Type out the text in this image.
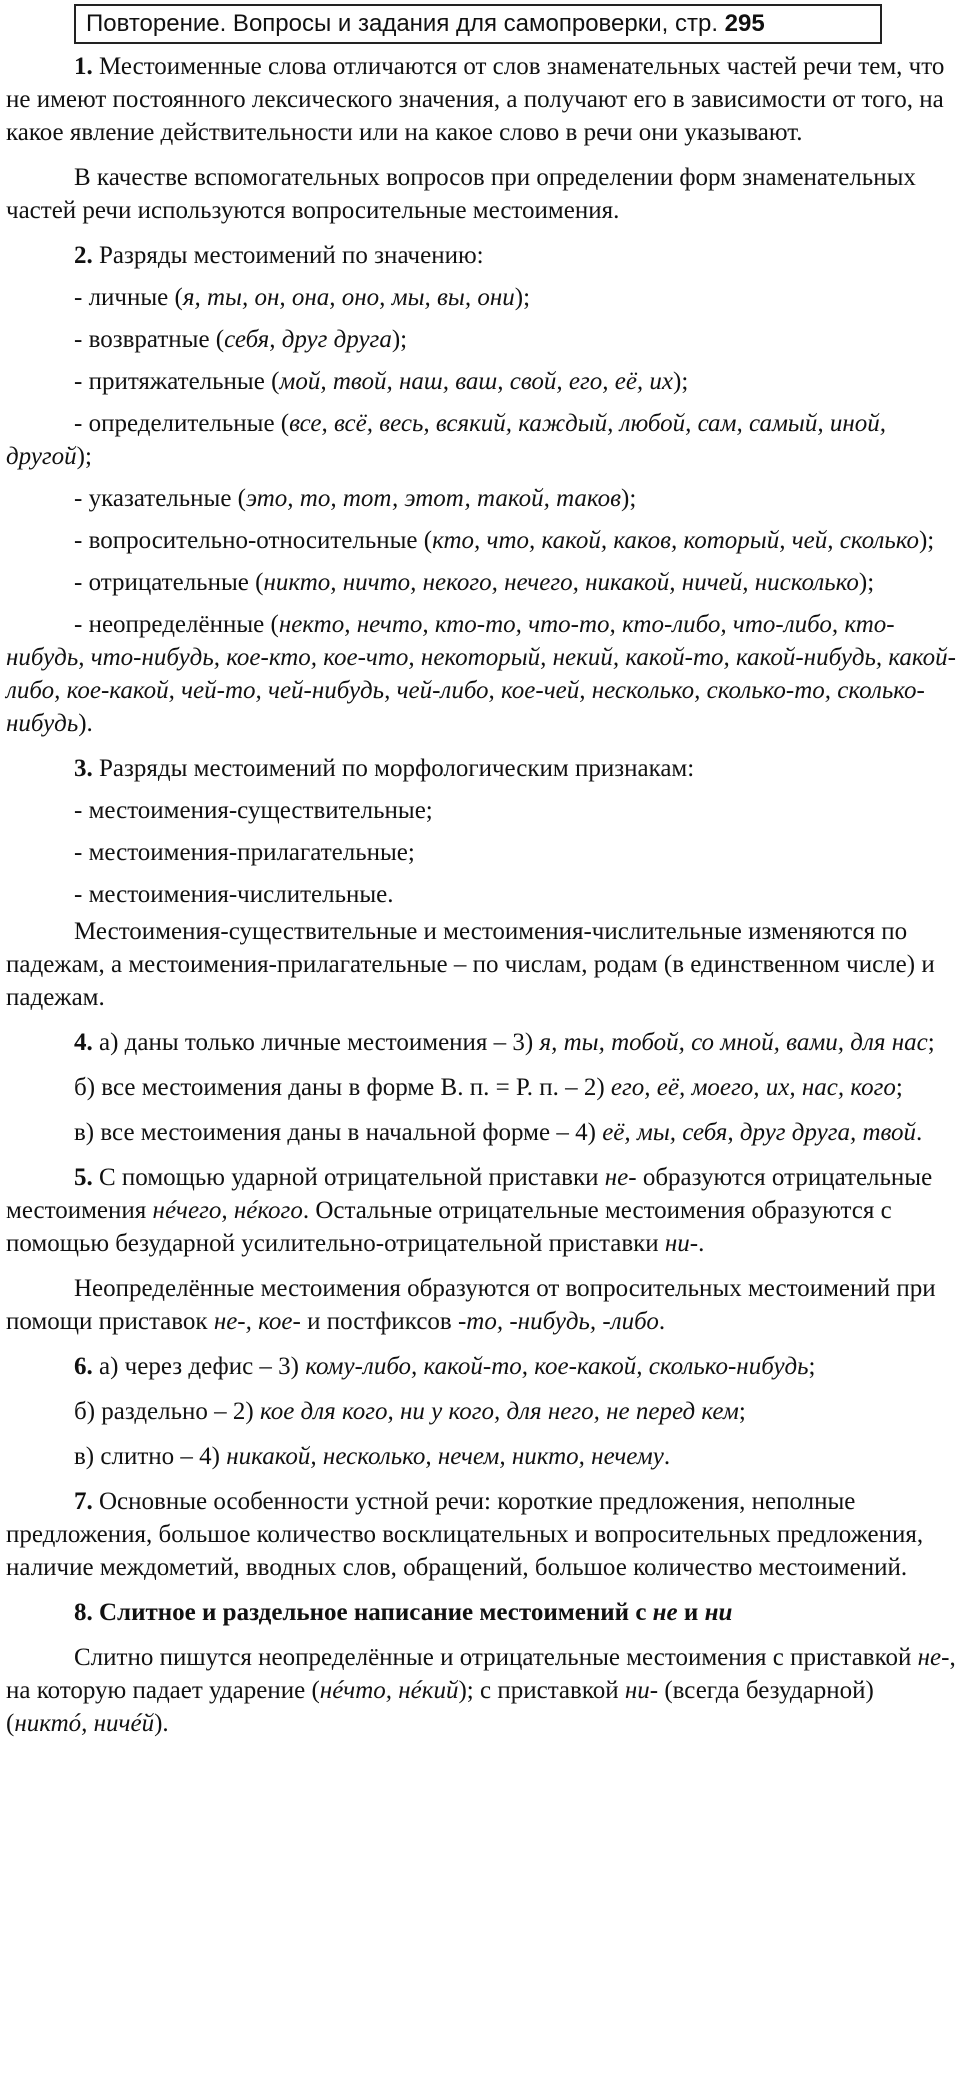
Повторение. Вопросы и задания для самопроверки, стр. 295

1. Местоименные слова отличаются от слов знаменательных частей речи тем, что не имеют постоянного лексического значения, а получают его в зависимости от того, на какое явление действительности или на какое слово в речи они указывают.

В качестве вспомогательных вопросов при определении форм знаменательных частей речи используются вопросительные местоимения.

2. Разряды местоимений по значению:

- личные (я, ты, он, она, оно, мы, вы, они);

- возвратные (себя, друг друга);

- притяжательные (мой, твой, наш, ваш, свой, его, её, их);

- определительные (все, всё, весь, всякий, каждый, любой, сам, самый, иной, другой);

- указательные (это, то, тот, этот, такой, таков);

- вопросительно-относительные (кто, что, какой, каков, который, чей, сколько);

- отрицательные (никто, ничто, некого, нечего, никакой, ничей, нисколько);

- неопределённые (некто, нечто, кто-то, что-то, кто-либо, что-либо, кто-нибудь, что-нибудь, кое-кто, кое-что, некоторый, некий, какой-то, какой-нибудь, какой-либо, кое-какой, чей-то, чей-нибудь, чей-либо, кое-чей, несколько, сколько-то, сколько-нибудь).

3. Разряды местоимений по морфологическим признакам:

- местоимения-существительные;

- местоимения-прилагательные;

- местоимения-числительные.

Местоимения-существительные и местоимения-числительные изменяются по падежам, а местоимения-прилагательные – по числам, родам (в единственном числе) и падежам.

4. а) даны только личные местоимения – 3) я, ты, тобой, со мной, вами, для нас;

б) все местоимения даны в форме В. п. = Р. п. – 2) его, её, моего, их, нас, кого;

в) все местоимения даны в начальной форме – 4) её, мы, себя, друг друга, твой.

5. С помощью ударной отрицательной приставки не- образуются отрицательные местоимения нéчего, нéкого. Остальные отрицательные местоимения образуются с помощью безударной усилительно-отрицательной приставки ни-.

Неопределённые местоимения образуются от вопросительных местоимений при помощи приставок не-, кое- и постфиксов -то, -нибудь, -либо.

6. а) через дефис – 3) кому-либо, какой-то, кое-какой, сколько-нибудь;

б) раздельно – 2) кое для кого, ни у кого, для него, не перед кем;

в) слитно – 4) никакой, несколько, нечем, никто, нечему.

7. Основные особенности устной речи: короткие предложения, неполные предложения, большое количество восклицательных и вопросительных предложения, наличие междометий, вводных слов, обращений, большое количество местоимений.

8. Слитное и раздельное написание местоимений с не и ни

Слитно пишутся неопределённые и отрицательные местоимения с приставкой не-, на которую падает ударение (нéчто, нéкий); с приставкой ни- (всегда безударной) (никтó, ничéй).
